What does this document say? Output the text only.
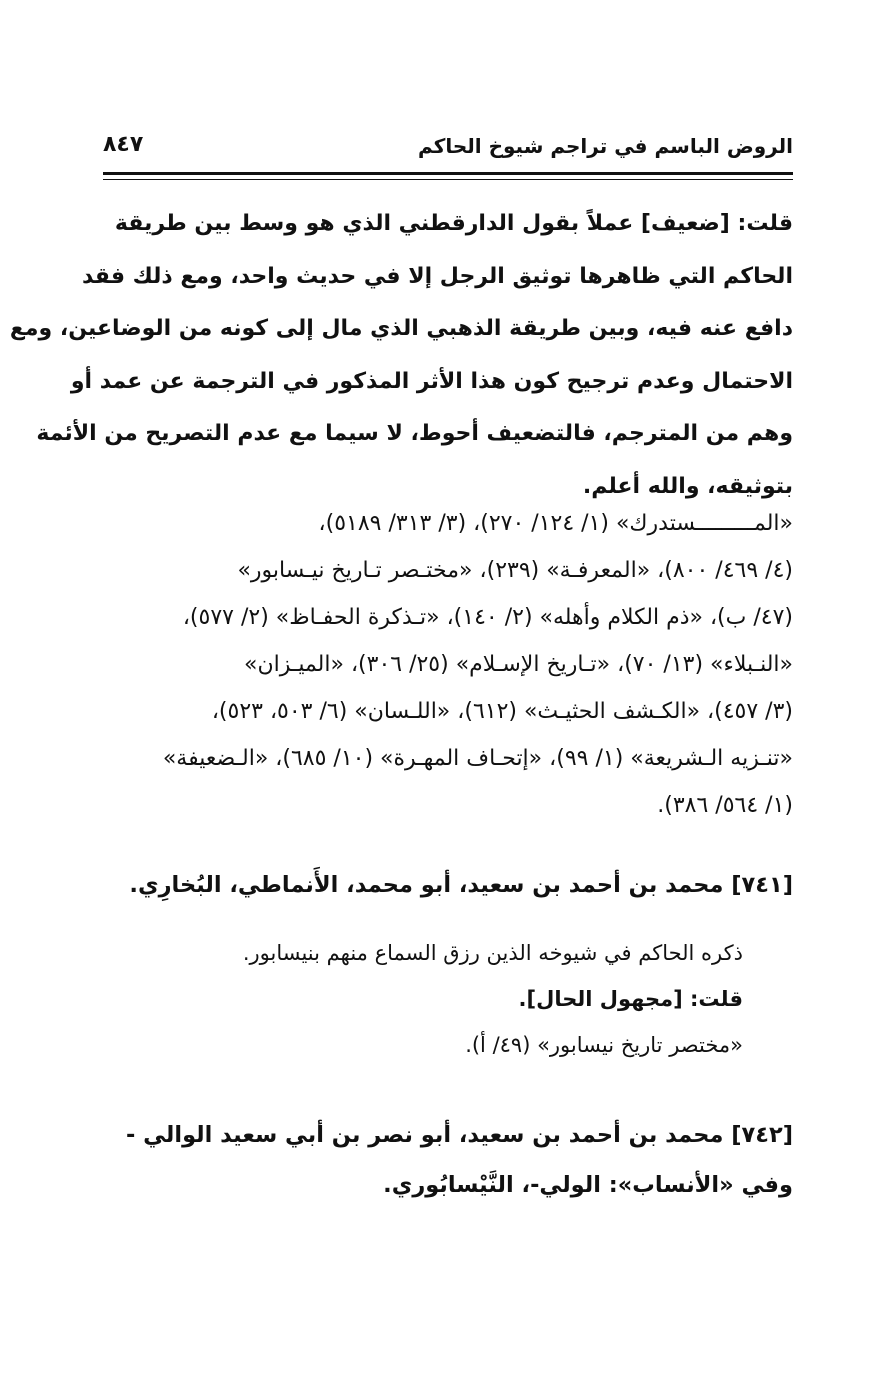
الروض الباسم في تراجم شيوخ الحاكم
٨٤٧
قلت: [ضعيف] عملاً بقول الدارقطني الذي هو وسط بين طريقة
الحاكم التي ظاهرها توثيق الرجل إلا في حديث واحد، ومع ذلك فقد
دافع عنه فيه، وبين طريقة الذهبي الذي مال إلى كونه من الوضاعين، ومع
الاحتمال وعدم ترجيح كون هذا الأثر المذكور في الترجمة عن عمد أو
وهم من المترجم، فالتضعيف أحوط، لا سيما مع عدم التصريح من الأئمة
بتوثيقه، والله أعلم.
«المـــــــــستدرك» (١/ ١٢٤/ ٢٧٠)، (٣/ ٣١٣/ ٥١٨٩)،
(٤/ ٤٦٩/ ٨٠٠)، «المعرفـة» (٢٣٩)، «مختـصر تـاريخ نيـسابور»
(٤٧/ ب)، «ذم الكلام وأهله» (٢/ ١٤٠)، «تـذكرة الحفـاظ» (٢/ ٥٧٧)،
«النـبلاء» (١٣/ ٧٠)، «تـاريخ الإسـلام» (٢٥/ ٣٠٦)، «الميـزان»
(٣/ ٤٥٧)، «الكـشف الحثيـث» (٦١٢)، «اللـسان» (٦/ ٥٠٣، ٥٢٣)،
«تنـزيه الـشريعة» (١/ ٩٩)، «إتحـاف المهـرة» (١٠/ ٦٨٥)، «الـضعيفة»
(١/ ٥٦٤/ ٣٨٦).
[٧٤١] محمد بن أحمد بن سعيد، أبو محمد، الأَنماطي، البُخارِي.
ذكره الحاكم في شيوخه الذين رزق السماع منهم بنيسابور.
قلت: [مجهول الحال].
«مختصر تاريخ نيسابور» (٤٩/ أ).
[٧٤٢] محمد بن أحمد بن سعيد، أبو نصر بن أبي سعيد الوالي -
وفي «الأنساب»: الولي-، النَّيْسابُوري.
